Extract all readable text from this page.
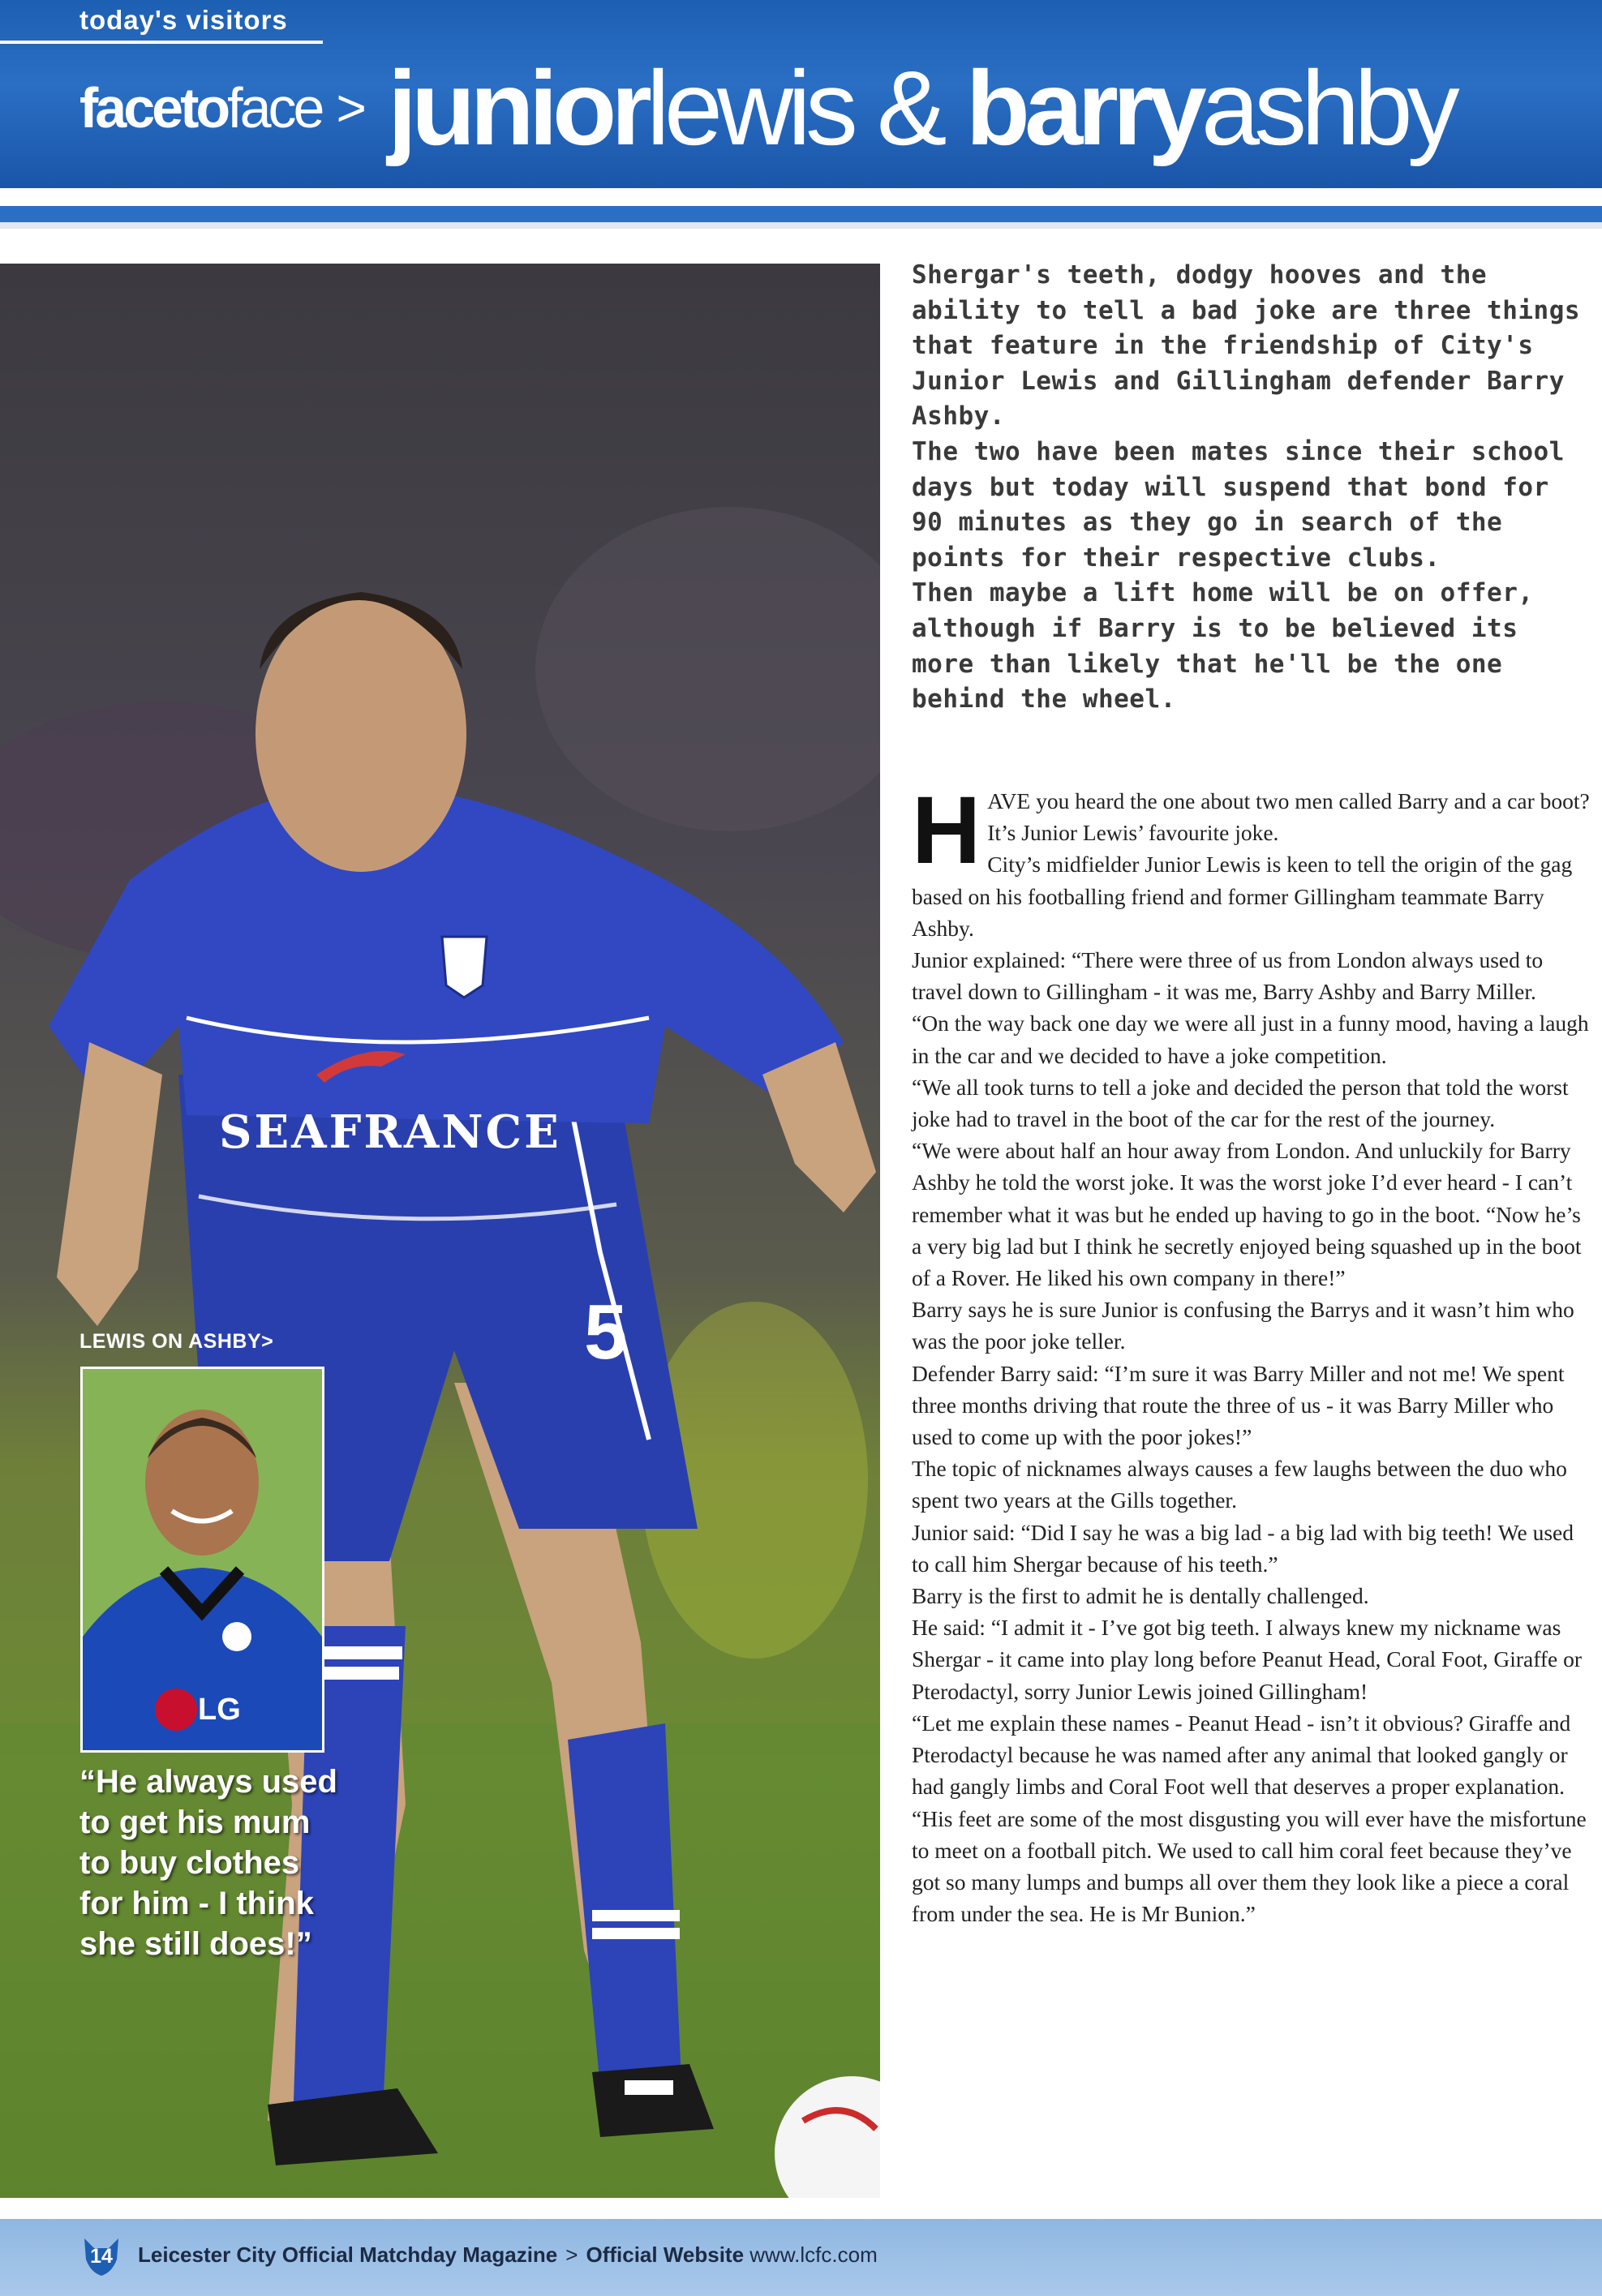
today's visitors
faceto face > junior lewis & barry ashby
5
SEAFRANCE
LEWIS ON ASHBY>
LG
“He always used to get his mum to buy clothes for him - I think she still does!”

Shergar's teeth, dodgy hooves and the ability to tell a bad joke are three things that feature in the friendship of City's Junior Lewis and Gillingham defender Barry Ashby.

The two have been mates since their school days but today will suspend that bond for 90 minutes as they go in search of the points for their respective clubs.

Then maybe a lift home will be on offer, although if Barry is to be believed its more than likely that he'll be the one behind the wheel.

H AVE you heard the one about two men called Barry and a car boot?

It’s Junior Lewis’ favourite joke.

City’s midfielder Junior Lewis is keen to tell the origin of the gag based on his footballing friend and former Gillingham teammate Barry Ashby.

Junior explained: “There were three of us from London always used to travel down to Gillingham - it was me, Barry Ashby and Barry Miller.

“On the way back one day we were all just in a funny mood, having a laugh in the car and we decided to have a joke competition.

“We all took turns to tell a joke and decided the person that told the worst joke had to travel in the boot of the car for the rest of the journey.

“We were about half an hour away from London. And unluckily for Barry Ashby he told the worst joke. It was the worst joke I’d ever heard - I can’t remember what it was but he ended up having to go in the boot. “Now he’s a very big lad but I think he secretly enjoyed being squashed up in the boot of a Rover. He liked his own company in there!”

Barry says he is sure Junior is confusing the Barrys and it wasn’t him who was the poor joke teller.

Defender Barry said: “I’m sure it was Barry Miller and not me! We spent three months driving that route the three of us - it was Barry Miller who used to come up with the poor jokes!”

The topic of nicknames always causes a few laughs between the duo who spent two years at the Gills together.

Junior said: “Did I say he was a big lad - a big lad with big teeth! We used to call him Shergar because of his teeth.”

Barry is the first to admit he is dentally challenged.

He said: “I admit it - I’ve got big teeth. I always knew my nickname was Shergar - it came into play long before Peanut Head, Coral Foot, Giraffe or Pterodactyl, sorry Junior Lewis joined Gillingham!

“Let me explain these names - Peanut Head - isn’t it obvious? Giraffe and Pterodactyl because he was named after any animal that looked gangly or had gangly limbs and Coral Foot well that deserves a proper explanation.

“His feet are some of the most disgusting you will ever have the misfortune to meet on a football pitch. We used to call him coral feet because they’ve got so many lumps and bumps all over them they look like a piece a coral from under the sea. He is Mr Bunion.”

14 Leicester City Official Matchday Magazine > Official Website www.lcfc.com
